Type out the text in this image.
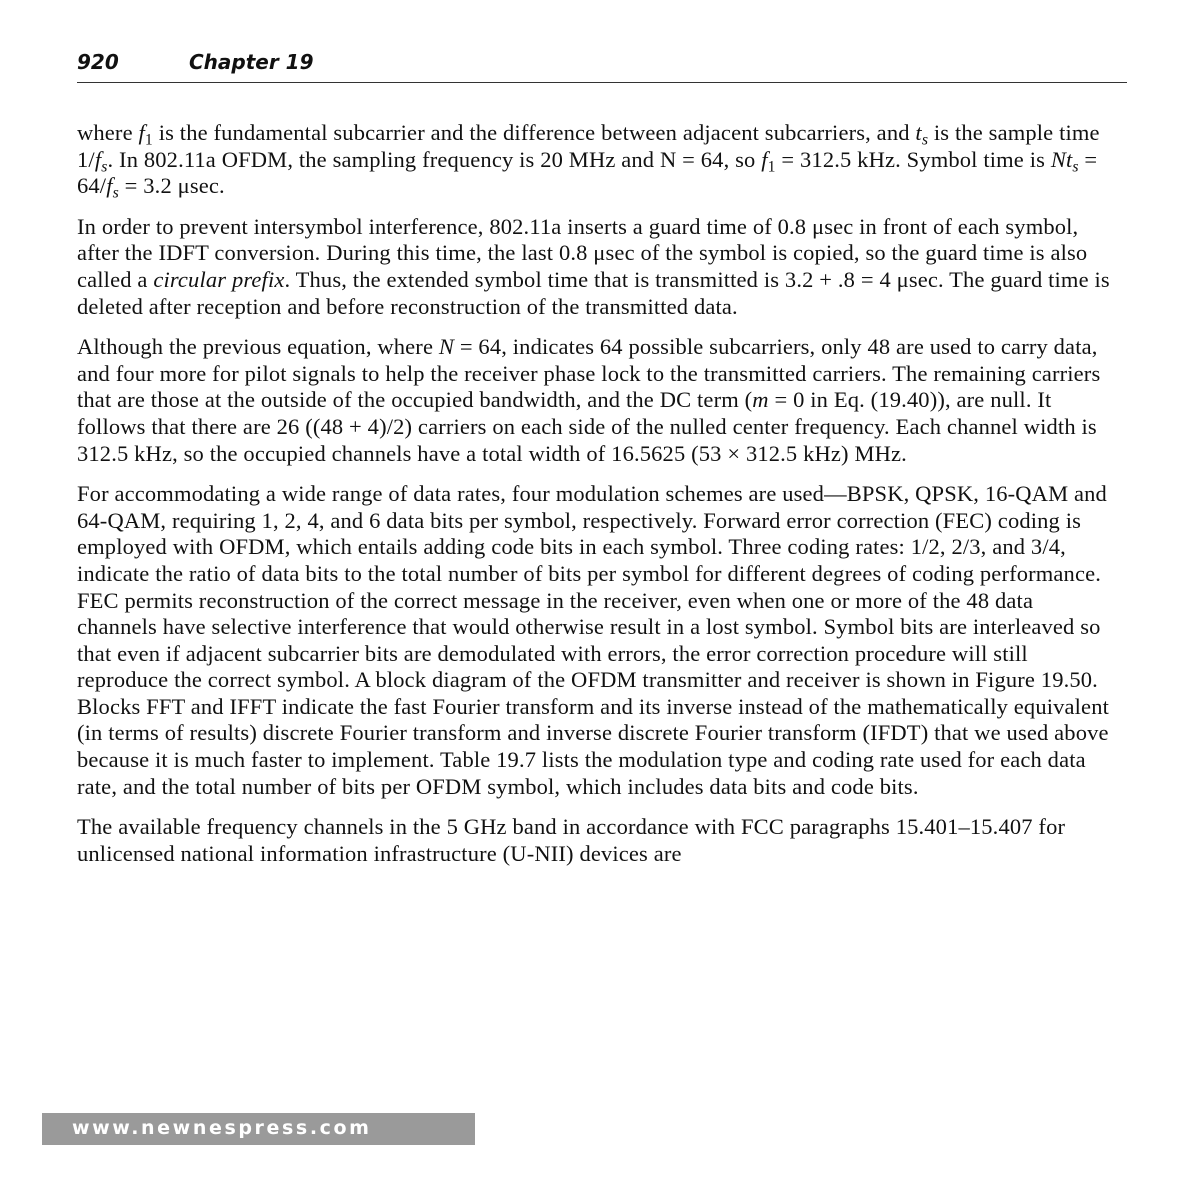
920	Chapter 19

where $f_1$ is the fundamental subcarrier and the difference between adjacent subcarriers, and $t_s$ is the sample time $1/f_s$. In 802.11a OFDM, the sampling frequency is 20 MHz and N = 64, so $f_1 = 312.5$ kHz. Symbol time is $Nt_s = 64/f_s = 3.2$ μsec.

In order to prevent intersymbol interference, 802.11a inserts a guard time of 0.8 μsec in front of each symbol, after the IDFT conversion. During this time, the last 0.8 μsec of the symbol is copied, so the guard time is also called a circular prefix. Thus, the extended symbol time that is transmitted is 3.2 + .8 = 4 μsec. The guard time is deleted after reception and before reconstruction of the transmitted data.

Although the previous equation, where N = 64, indicates 64 possible subcarriers, only 48 are used to carry data, and four more for pilot signals to help the receiver phase lock to the transmitted carriers. The remaining carriers that are those at the outside of the occupied bandwidth, and the DC term (m = 0 in Eq. (19.40)), are null. It follows that there are 26 ((48 + 4)/2) carriers on each side of the nulled center frequency. Each channel width is 312.5 kHz, so the occupied channels have a total width of 16.5625 (53 × 312.5 kHz) MHz.

For accommodating a wide range of data rates, four modulation schemes are used—BPSK, QPSK, 16-QAM and 64-QAM, requiring 1, 2, 4, and 6 data bits per symbol, respectively. Forward error correction (FEC) coding is employed with OFDM, which entails adding code bits in each symbol. Three coding rates: 1/2, 2/3, and 3/4, indicate the ratio of data bits to the total number of bits per symbol for different degrees of coding performance. FEC permits reconstruction of the correct message in the receiver, even when one or more of the 48 data channels have selective interference that would otherwise result in a lost symbol. Symbol bits are interleaved so that even if adjacent subcarrier bits are demodulated with errors, the error correction procedure will still reproduce the correct symbol. A block diagram of the OFDM transmitter and receiver is shown in Figure 19.50. Blocks FFT and IFFT indicate the fast Fourier transform and its inverse instead of the mathematically equivalent (in terms of results) discrete Fourier transform and inverse discrete Fourier transform (IFDT) that we used above because it is much faster to implement. Table 19.7 lists the modulation type and coding rate used for each data rate, and the total number of bits per OFDM symbol, which includes data bits and code bits.

The available frequency channels in the 5 GHz band in accordance with FCC paragraphs 15.401–15.407 for unlicensed national information infrastructure (U-NII) devices are

www.newnespress.com
